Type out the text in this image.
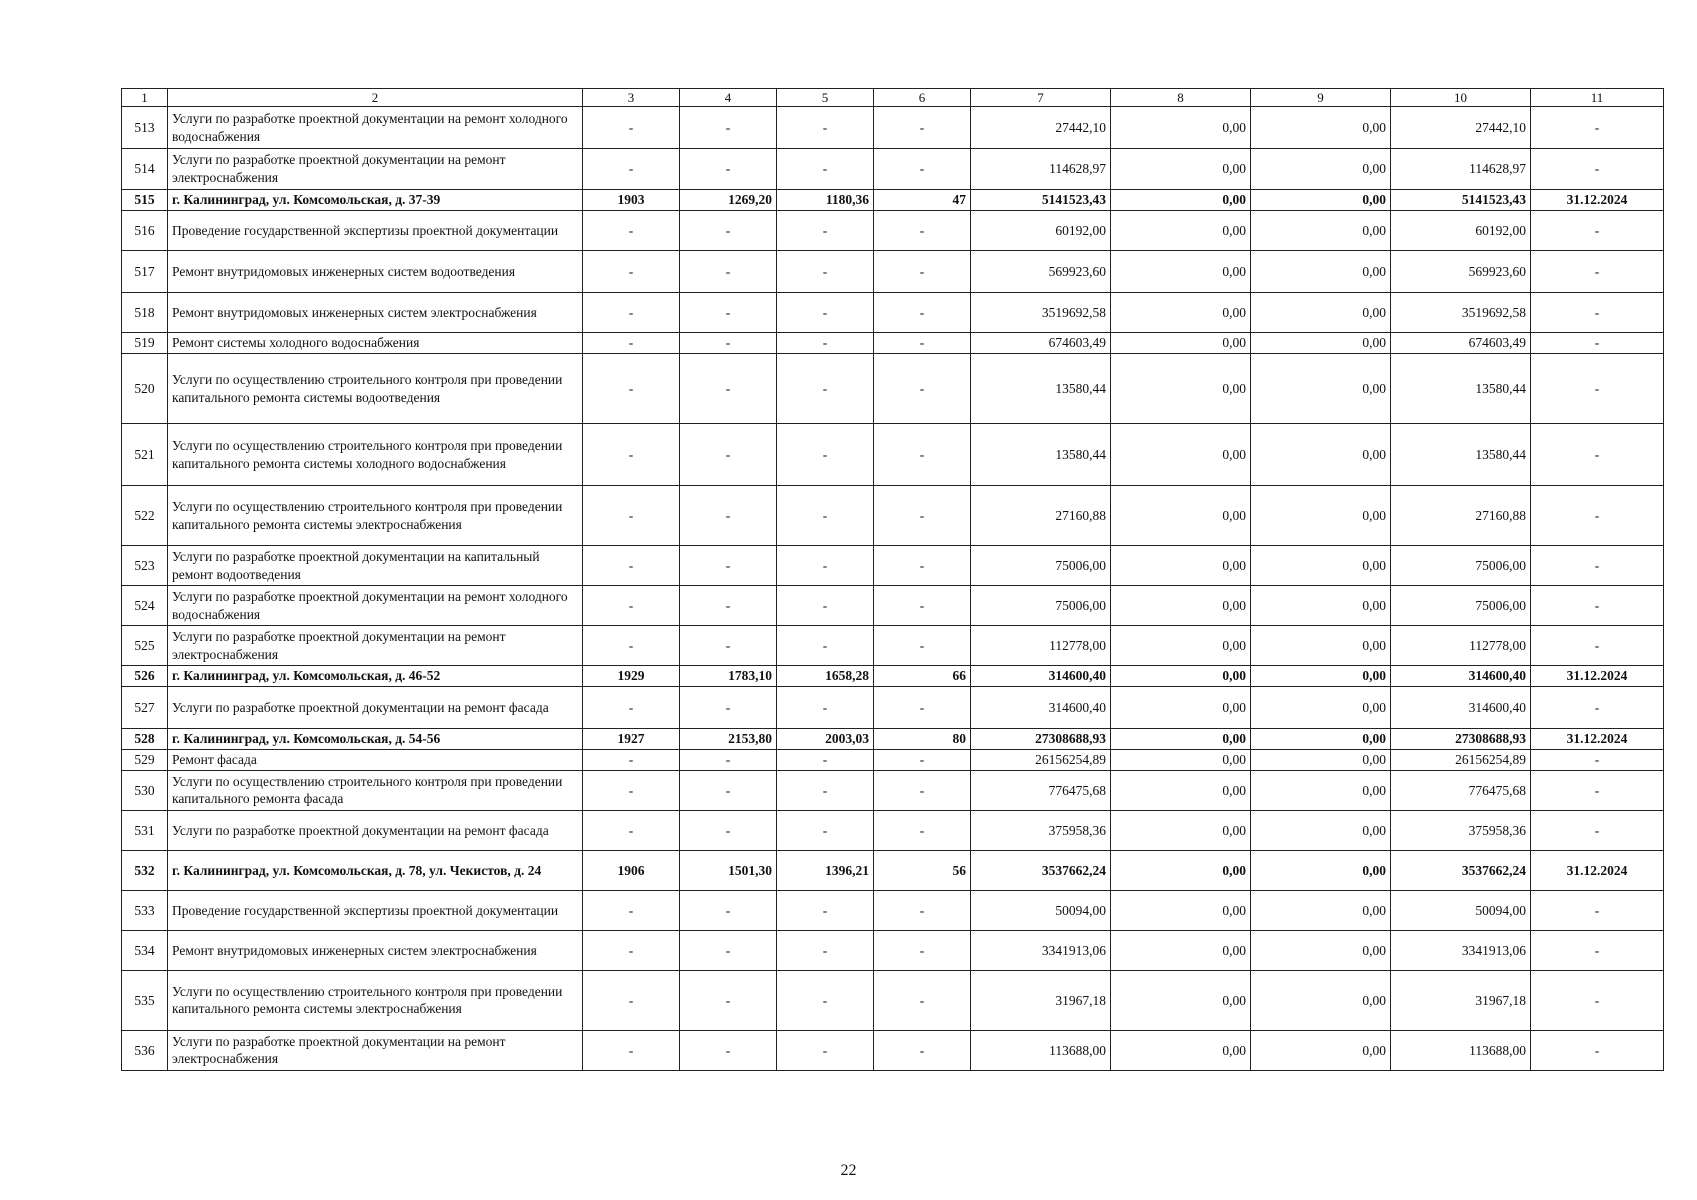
1	2	3	4	5	6	7	8	9	10	11
513	Услуги по разработке проектной документации на ремонт холодного водоснабжения	-	-	-	-	27442,10	0,00	0,00	27442,10	-
514	Услуги по разработке проектной документации на ремонт электроснабжения	-	-	-	-	114628,97	0,00	0,00	114628,97	-
515	г. Калининград, ул. Комсомольская, д. 37-39	1903	1269,20	1180,36	47	5141523,43	0,00	0,00	5141523,43	31.12.2024
516	Проведение государственной экспертизы проектной документации	-	-	-	-	60192,00	0,00	0,00	60192,00	-
517	Ремонт внутридомовых инженерных систем водоотведения	-	-	-	-	569923,60	0,00	0,00	569923,60	-
518	Ремонт внутридомовых инженерных систем электроснабжения	-	-	-	-	3519692,58	0,00	0,00	3519692,58	-
519	Ремонт системы холодного водоснабжения	-	-	-	-	674603,49	0,00	0,00	674603,49	-
520	Услуги по осуществлению строительного контроля при проведении капитального ремонта системы водоотведения	-	-	-	-	13580,44	0,00	0,00	13580,44	-
521	Услуги по осуществлению строительного контроля при проведении капитального ремонта системы холодного водоснабжения	-	-	-	-	13580,44	0,00	0,00	13580,44	-
522	Услуги по осуществлению строительного контроля при проведении капитального ремонта системы электроснабжения	-	-	-	-	27160,88	0,00	0,00	27160,88	-
523	Услуги по разработке проектной документации на капитальный ремонт водоотведения	-	-	-	-	75006,00	0,00	0,00	75006,00	-
524	Услуги по разработке проектной документации на ремонт холодного водоснабжения	-	-	-	-	75006,00	0,00	0,00	75006,00	-
525	Услуги по разработке проектной документации на ремонт электроснабжения	-	-	-	-	112778,00	0,00	0,00	112778,00	-
526	г. Калининград, ул. Комсомольская, д. 46-52	1929	1783,10	1658,28	66	314600,40	0,00	0,00	314600,40	31.12.2024
527	Услуги по разработке проектной документации на ремонт фасада	-	-	-	-	314600,40	0,00	0,00	314600,40	-
528	г. Калининград, ул. Комсомольская, д. 54-56	1927	2153,80	2003,03	80	27308688,93	0,00	0,00	27308688,93	31.12.2024
529	Ремонт фасада	-	-	-	-	26156254,89	0,00	0,00	26156254,89	-
530	Услуги по осуществлению строительного контроля при проведении капитального ремонта фасада	-	-	-	-	776475,68	0,00	0,00	776475,68	-
531	Услуги по разработке проектной документации на ремонт фасада	-	-	-	-	375958,36	0,00	0,00	375958,36	-
532	г. Калининград, ул. Комсомольская, д. 78, ул. Чекистов, д. 24	1906	1501,30	1396,21	56	3537662,24	0,00	0,00	3537662,24	31.12.2024
533	Проведение государственной экспертизы проектной документации	-	-	-	-	50094,00	0,00	0,00	50094,00	-
534	Ремонт внутридомовых инженерных систем электроснабжения	-	-	-	-	3341913,06	0,00	0,00	3341913,06	-
535	Услуги по осуществлению строительного контроля при проведении капитального ремонта системы электроснабжения	-	-	-	-	31967,18	0,00	0,00	31967,18	-
536	Услуги по разработке проектной документации на ремонт электроснабжения	-	-	-	-	113688,00	0,00	0,00	113688,00	-
22
